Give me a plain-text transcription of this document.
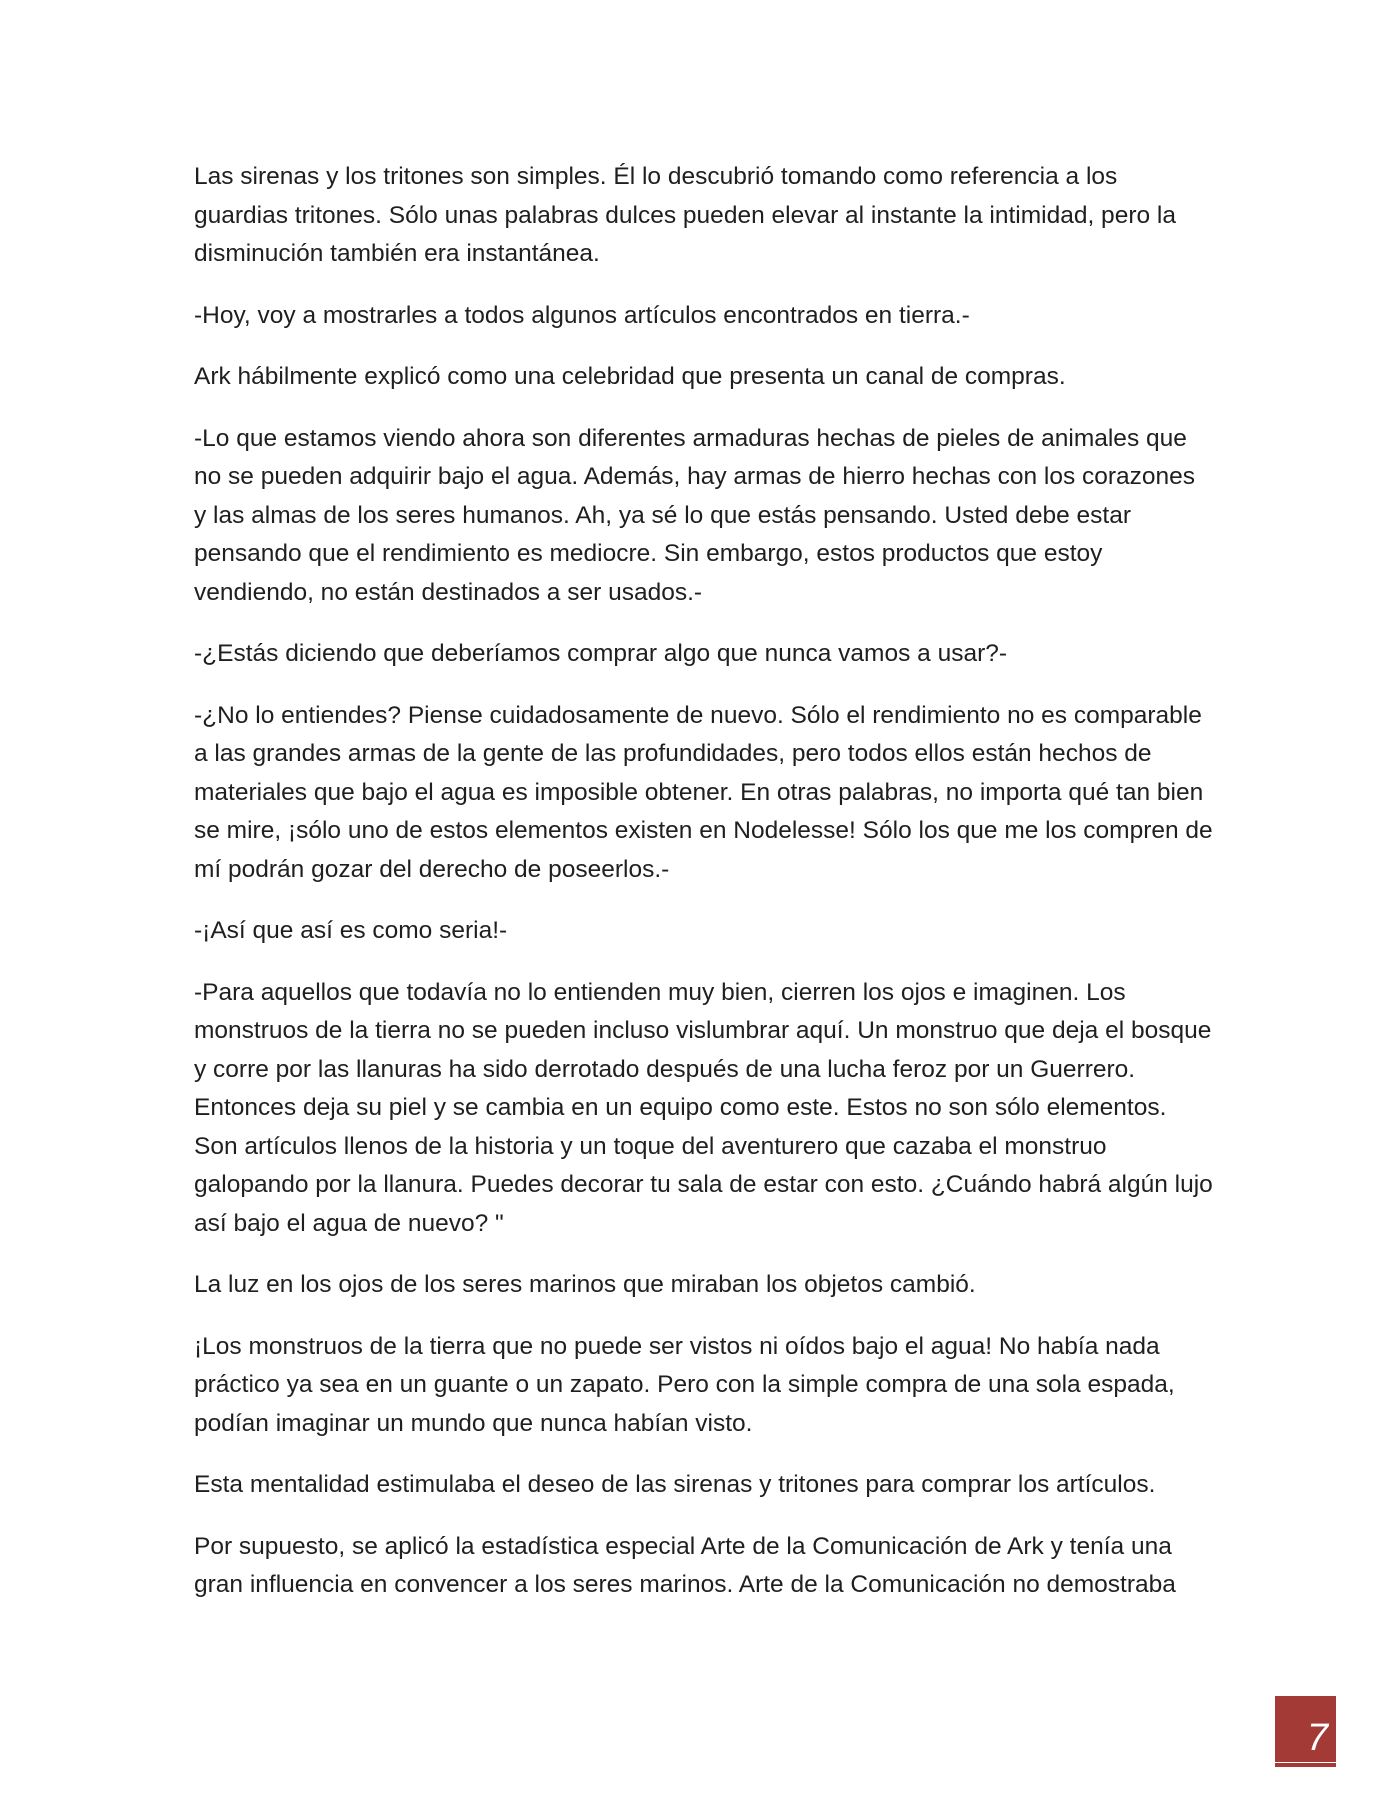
Las sirenas y los tritones son simples. Él lo descubrió tomando como referencia a los guardias tritones. Sólo unas palabras dulces pueden elevar al instante la intimidad, pero la disminución también era instantánea.

-Hoy, voy a mostrarles a todos algunos artículos encontrados en tierra.-

Ark hábilmente explicó como una celebridad que presenta un canal de compras.

-Lo que estamos viendo ahora son diferentes armaduras hechas de pieles de animales que no se pueden adquirir bajo el agua. Además, hay armas de hierro hechas con los corazones y las almas de los seres humanos. Ah, ya sé lo que estás pensando. Usted debe estar pensando que el rendimiento es mediocre. Sin embargo, estos productos que estoy vendiendo, no están destinados a ser usados.-

-¿Estás diciendo que deberíamos comprar algo que nunca vamos a usar?-

-¿No lo entiendes? Piense cuidadosamente de nuevo. Sólo el rendimiento no es comparable a las grandes armas de la gente de las profundidades, pero todos ellos están hechos de materiales que bajo el agua es imposible obtener. En otras palabras, no importa qué tan bien se mire, ¡sólo uno de estos elementos existen en Nodelesse! Sólo los que me los compren de mí podrán gozar del derecho de poseerlos.-

-¡Así que así es como seria!-

-Para aquellos que todavía no lo entienden muy bien, cierren los ojos e imaginen. Los monstruos de la tierra no se pueden incluso vislumbrar aquí. Un monstruo que deja el bosque y corre por las llanuras ha sido derrotado después de una lucha feroz por un Guerrero. Entonces deja su piel y se cambia en un equipo como este. Estos no son sólo elementos. Son artículos llenos de la historia y un toque del aventurero que cazaba el monstruo galopando por la llanura. Puedes decorar tu sala de estar con esto. ¿Cuándo habrá algún lujo así bajo el agua de nuevo? "

La luz en los ojos de los seres marinos que miraban los objetos cambió.

¡Los monstruos de la tierra que no puede ser vistos ni oídos bajo el agua! No había nada práctico ya sea en un guante o un zapato. Pero con la simple compra de una sola espada, podían imaginar un mundo que nunca habían visto.

Esta mentalidad estimulaba el deseo de las sirenas y tritones para comprar los artículos.

Por supuesto, se aplicó la estadística especial Arte de la Comunicación de Ark y tenía una gran influencia en convencer a los seres marinos. Arte de la Comunicación no demostraba

7
